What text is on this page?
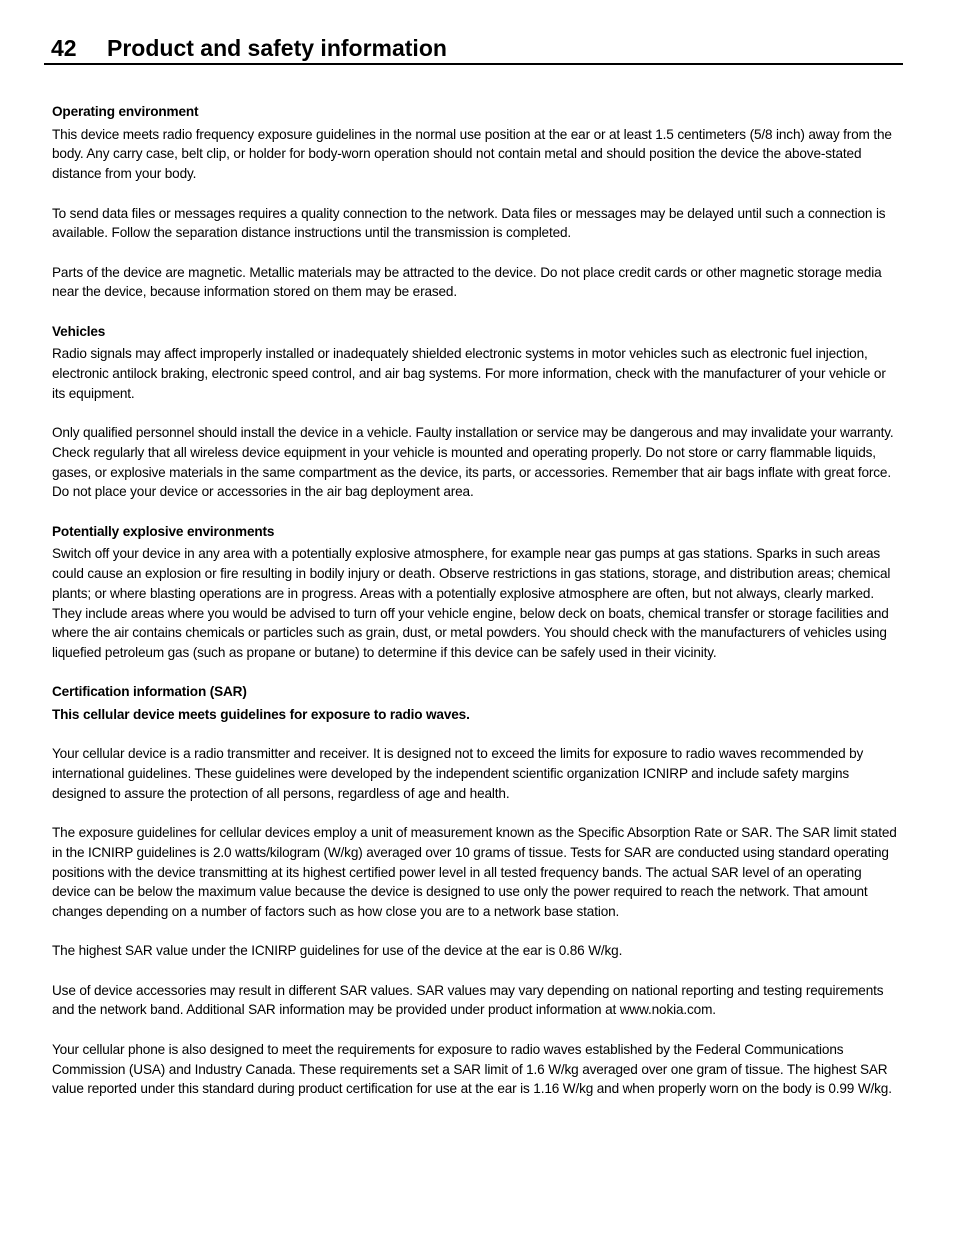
42 Product and safety information
Operating environment

This device meets radio frequency exposure guidelines in the normal use position at the ear or at least 1.5 centimeters (5/8 inch) away from the body. Any carry case, belt clip, or holder for body-worn operation should not contain metal and should position the device the above-stated distance from your body.

To send data files or messages requires a quality connection to the network. Data files or messages may be delayed until such a connection is available. Follow the separation distance instructions until the transmission is completed.

Parts of the device are magnetic. Metallic materials may be attracted to the device. Do not place credit cards or other magnetic storage media near the device, because information stored on them may be erased.

Vehicles

Radio signals may affect improperly installed or inadequately shielded electronic systems in motor vehicles such as electronic fuel injection, electronic antilock braking, electronic speed control, and air bag systems. For more information, check with the manufacturer of your vehicle or its equipment.

Only qualified personnel should install the device in a vehicle. Faulty installation or service may be dangerous and may invalidate your warranty. Check regularly that all wireless device equipment in your vehicle is mounted and operating properly. Do not store or carry flammable liquids, gases, or explosive materials in the same compartment as the device, its parts, or accessories. Remember that air bags inflate with great force. Do not place your device or accessories in the air bag deployment area.

Potentially explosive environments

Switch off your device in any area with a potentially explosive atmosphere, for example near gas pumps at gas stations. Sparks in such areas could cause an explosion or fire resulting in bodily injury or death. Observe restrictions in gas stations, storage, and distribution areas; chemical plants; or where blasting operations are in progress. Areas with a potentially explosive atmosphere are often, but not always, clearly marked. They include areas where you would be advised to turn off your vehicle engine, below deck on boats, chemical transfer or storage facilities and where the air contains chemicals or particles such as grain, dust, or metal powders. You should check with the manufacturers of vehicles using liquefied petroleum gas (such as propane or butane) to determine if this device can be safely used in their vicinity.

Certification information (SAR)

This cellular device meets guidelines for exposure to radio waves.

Your cellular device is a radio transmitter and receiver. It is designed not to exceed the limits for exposure to radio waves recommended by international guidelines. These guidelines were developed by the independent scientific organization ICNIRP and include safety margins designed to assure the protection of all persons, regardless of age and health.

The exposure guidelines for cellular devices employ a unit of measurement known as the Specific Absorption Rate or SAR. The SAR limit stated in the ICNIRP guidelines is 2.0 watts/kilogram (W/kg) averaged over 10 grams of tissue. Tests for SAR are conducted using standard operating positions with the device transmitting at its highest certified power level in all tested frequency bands. The actual SAR level of an operating device can be below the maximum value because the device is designed to use only the power required to reach the network. That amount changes depending on a number of factors such as how close you are to a network base station.

The highest SAR value under the ICNIRP guidelines for use of the device at the ear is 0.86 W/kg.

Use of device accessories may result in different SAR values. SAR values may vary depending on national reporting and testing requirements and the network band. Additional SAR information may be provided under product information at www.nokia.com.

Your cellular phone is also designed to meet the requirements for exposure to radio waves established by the Federal Communications Commission (USA) and Industry Canada. These requirements set a SAR limit of 1.6 W/kg averaged over one gram of tissue. The highest SAR value reported under this standard during product certification for use at the ear is 1.16 W/kg and when properly worn on the body is 0.99 W/kg.
